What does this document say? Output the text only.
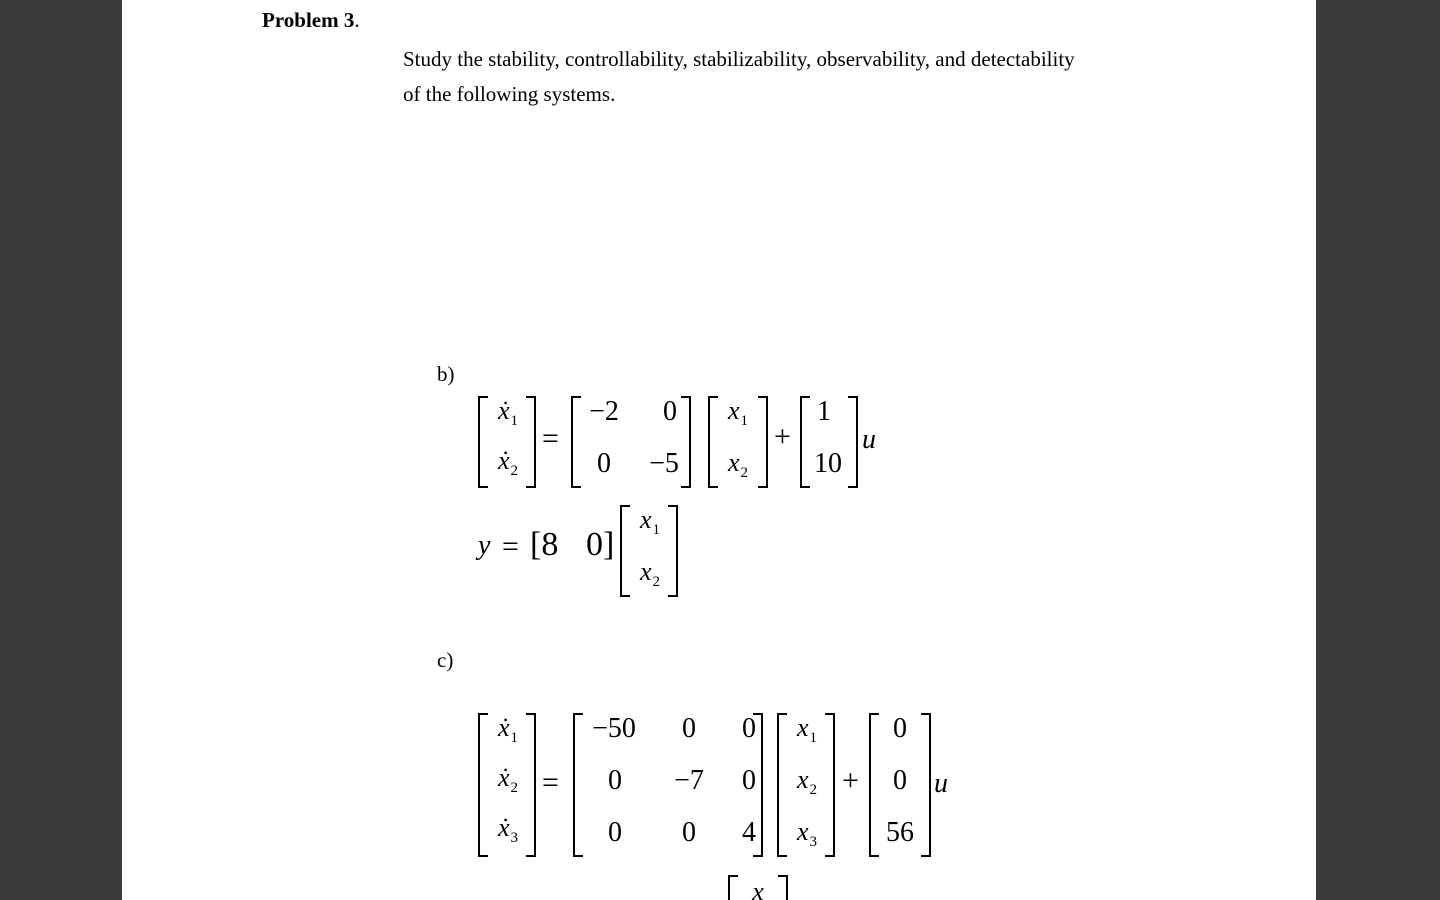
Problem 3.
Study the stability, controllability, stabilizability, observability, and detectability
of the following systems.
b)
ẋ$_1$
ẋ$_2$
=
−2	0
0	−5
$x_1$
$x_2$
+
1
10
u
y = [8 0]
$x_1$
$x_2$
c)
ẋ$_1$
ẋ$_2$
ẋ$_3$
=
−50	0	0
0	−7	0
0	0	4
$x_1$
$x_2$
$x_3$
+
0
0
56
u
x
